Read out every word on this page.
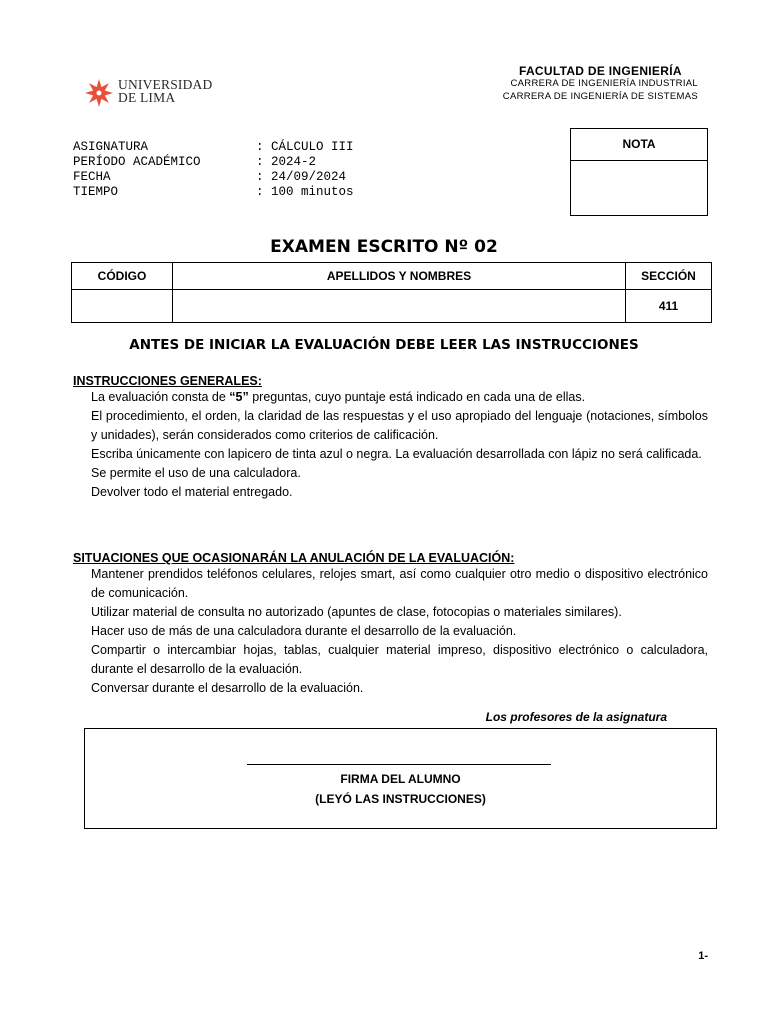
UNIVERSIDAD
DE LIMA
FACULTAD DE INGENIERÍA
CARRERA DE INGENIERÍA INDUSTRIAL
CARRERA DE INGENIERÍA DE SISTEMAS
ASIGNATURA	: CÁLCULO III
PERÍODO ACADÉMICO	: 2024-2
FECHA	: 24/09/2024
TIEMPO	: 100 minutos
NOTA
EXAMEN ESCRITO Nº 02
CÓDIGO	APELLIDOS Y NOMBRES	SECCIÓN
		411
ANTES DE INICIAR LA EVALUACIÓN DEBE LEER LAS INSTRUCCIONES
INSTRUCCIONES GENERALES:
La evaluación consta de “5” preguntas, cuyo puntaje está indicado en cada una de ellas.
El procedimiento, el orden, la claridad de las respuestas y el uso apropiado del lenguaje (notaciones, símbolos y unidades), serán considerados como criterios de calificación.
Escriba únicamente con lapicero de tinta azul o negra. La evaluación desarrollada con lápiz no será calificada.
Se permite el uso de una calculadora.
Devolver todo el material entregado.
SITUACIONES QUE OCASIONARÁN LA ANULACIÓN DE LA EVALUACIÓN:
Mantener prendidos teléfonos celulares, relojes smart, así como cualquier otro medio o dispositivo electrónico de comunicación.
Utilizar material de consulta no autorizado (apuntes de clase, fotocopias o materiales similares).
Hacer uso de más de una calculadora durante el desarrollo de la evaluación.
Compartir o intercambiar hojas, tablas, cualquier material impreso, dispositivo electrónico o calculadora, durante el desarrollo de la evaluación.
Conversar durante el desarrollo de la evaluación.
Los profesores de la asignatura
FIRMA DEL ALUMNO
(LEYÓ LAS INSTRUCCIONES)
1-
